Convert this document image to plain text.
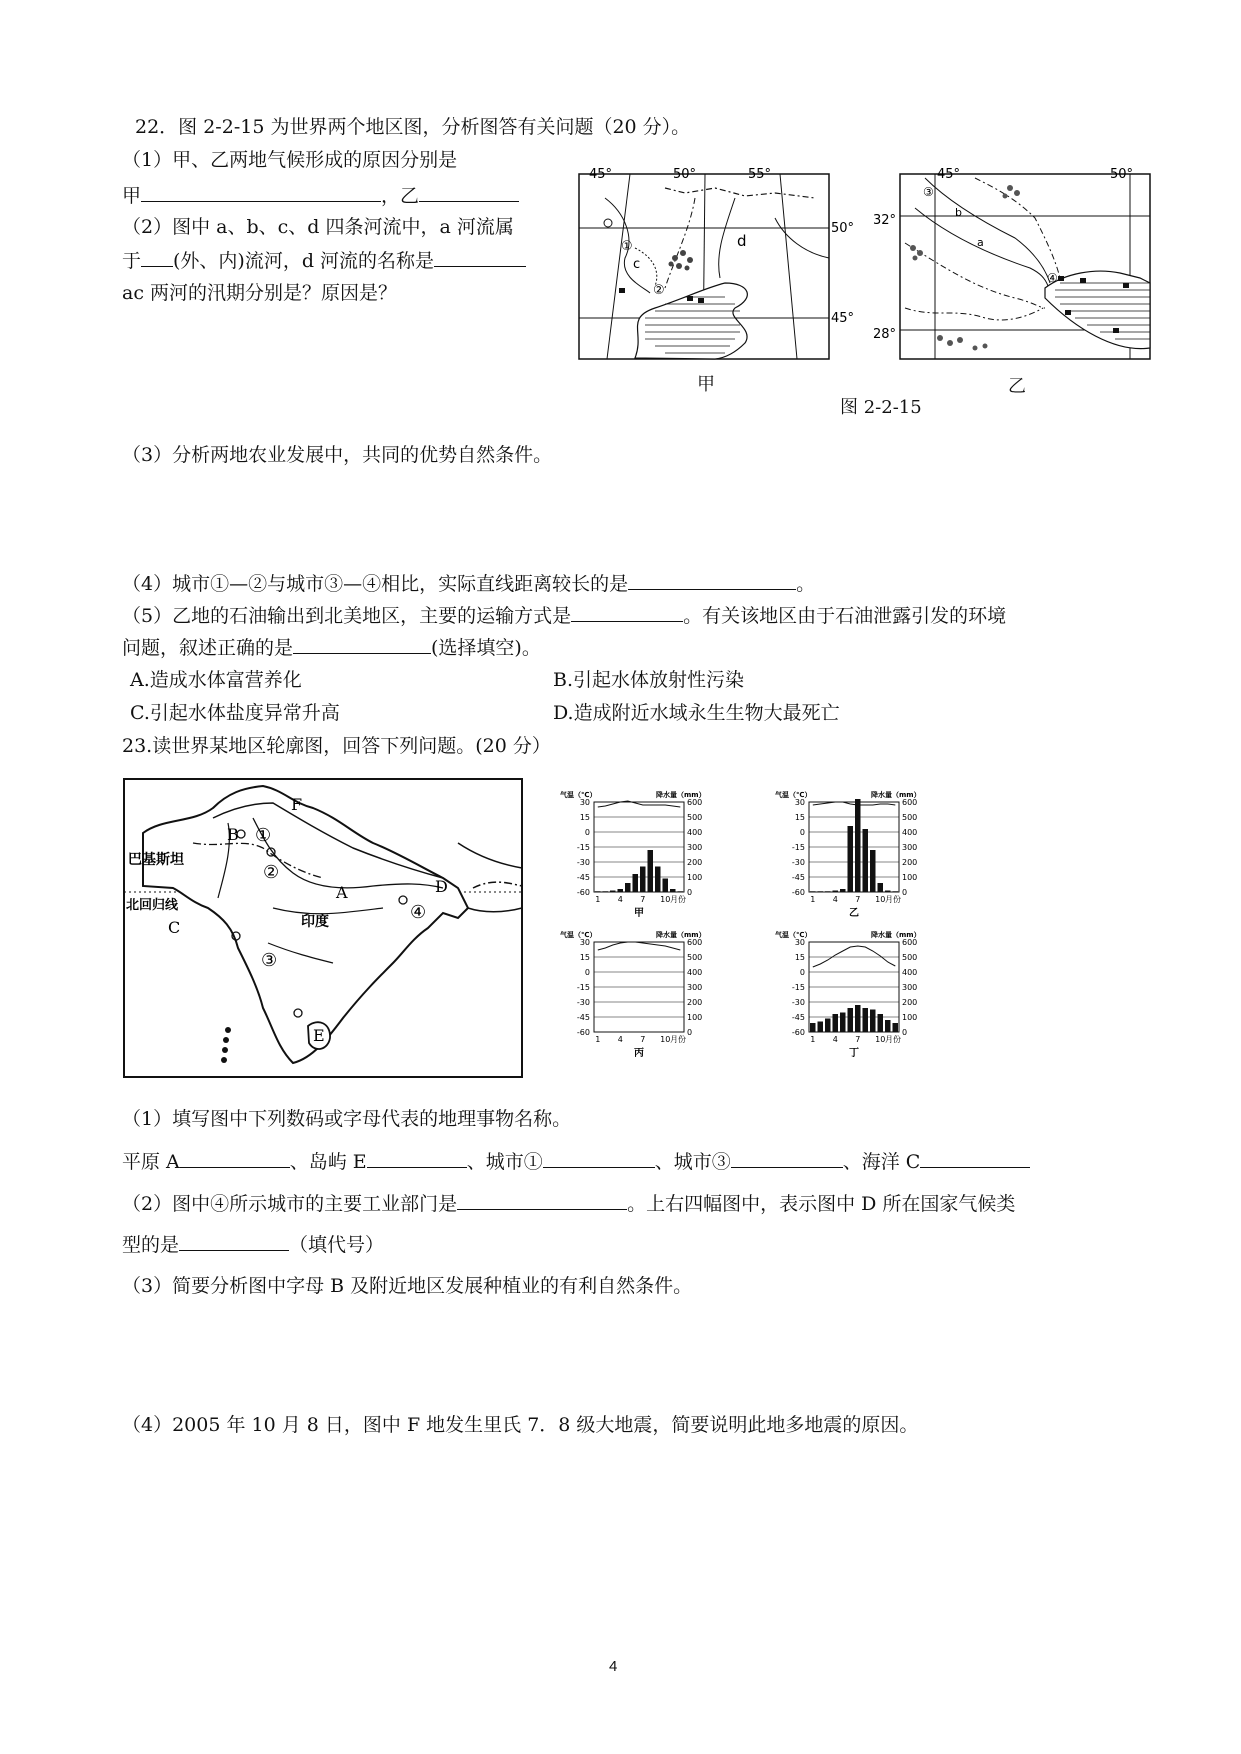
22．图 2-2-15 为世界两个地区图，分析图答有关问题（20 分）。
（1）甲、乙两地气候形成的原因分别是
甲	，乙
（2）图中 a、b、c、d 四条河流中，a 河流属
于 (外、内)流河，d 河流的名称是
ac 两河的汛期分别是？原因是？
45°	50°	55°
50°
45°
d
c
①
②
甲
45°	50°
32°
28°
b
a
③
④
乙
图 2-2-15
（3）分析两地农业发展中，共同的优势自然条件。
（4）城市①—②与城市③—④相比，实际直线距离较长的是	。
（5）乙地的石油输出到北美地区，主要的运输方式是	。有关该地区由于石油泄露引发的环境
问题，叙述正确的是	(选择填空)。
A.造成水体富营养化	B.引起水体放射性污染
C.引起水体盐度异常升高	D.造成附近水域永生生物大最死亡
23.读世界某地区轮廓图，回答下列问题。(20 分）
巴基斯坦
北回归线
印度
A
B
C
D
E
F
①
②
③
④
气温（℃）	降水量（mm）
30
15
0
-15
-30
-45
-60
600
500
400
300
200
100
0
1 4 7 10 月份
甲
气温（℃）	降水量（mm）
30
15
0
-15
-30
-45
-60
600
500
400
300
200
100
0
1 4 7 10 月份
乙
气温（℃）	降水量（mm）
30
15
0
-15
-30
-45
-60
600
500
400
300
200
100
0
1 4 7 10 月份
丙
气温（℃）	降水量（mm）
30
15
0
-15
-30
-45
-60
600
500
400
300
200
100
0
1 4 7 10 月份
丁
（1）填写图中下列数码或字母代表的地理事物名称。
平原 A	、岛屿 E	、城市①	、城市③	、海洋 C
（2）图中④所示城市的主要工业部门是	。上右四幅图中，表示图中 D 所在国家气候类
型的是	（填代号）
（3）简要分析图中字母 B 及附近地区发展种植业的有利自然条件。
（4）2005 年 10 月 8 日，图中 F 地发生里氏 7．8 级大地震，简要说明此地多地震的原因。
4
